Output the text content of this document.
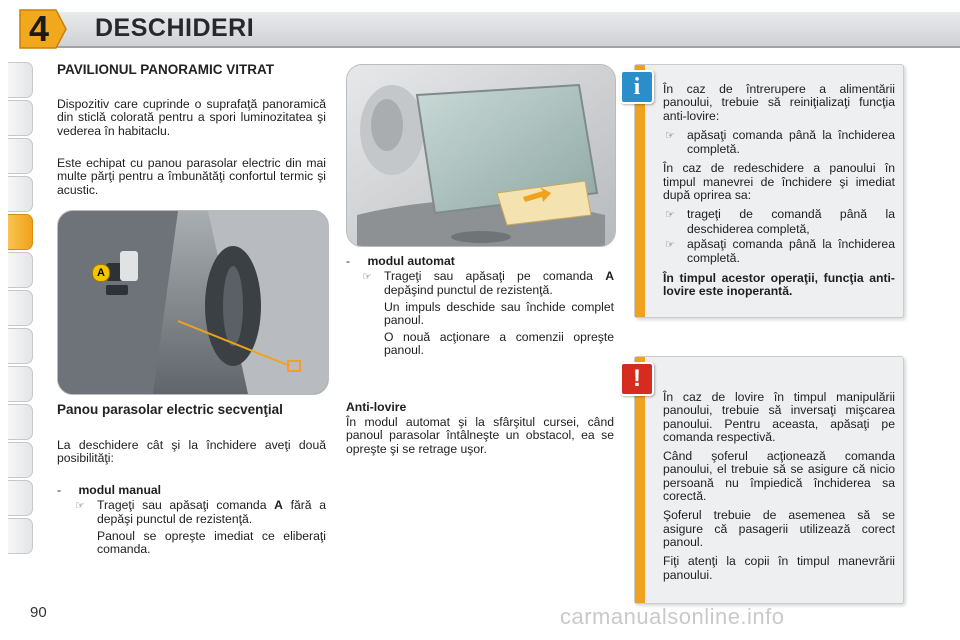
4	DESCHIDERI
PAVILIONUL PANORAMIC VITRAT
Dispozitiv care cuprinde o suprafaţă panoramică din sticlă colorată pentru a spori luminozitatea şi vederea în habitaclu.
Este echipat cu panou parasolar electric din mai multe părţi pentru a îmbunătăţi confortul termic şi acustic.
A
Panou parasolar electric secvenţial
La deschidere cât şi la închidere aveţi două posibilităţi:
- modul manual
☞ Trageţi sau apăsaţi comanda A fără a depăşi punctul de rezistenţă.
Panoul se opreşte imediat ce eliberaţi comanda.
- modul automat
☞ Trageţi sau apăsaţi pe comanda A depăşind punctul de rezistenţă.
Un impuls deschide sau închide complet panoul.
O nouă acţionare a comenzii opreşte panoul.
Anti-lovire
În modul automat şi la sfârşitul cursei, când panoul parasolar întâlneşte un obstacol, ea se opreşte şi se retrage uşor.

În caz de întrerupere a alimentării panoului, trebuie să reiniţializaţi funcţia anti-lovire:

☞ apăsaţi comanda până la închiderea completă.

În caz de redeschidere a panoului în timpul manevrei de închidere şi imediat după oprirea sa:

☞ trageţi de comandă până la deschiderea completă,

☞ apăsaţi comanda până la închiderea completă.

În timpul acestor operaţii, funcţia anti-lovire este inoperantă.

i

În caz de lovire în timpul manipulării panoului, trebuie să inversaţi mişcarea panoului. Pentru aceasta, apăsaţi pe comanda respectivă.

Când şoferul acţionează comanda panoului, el trebuie să se asigure că nicio persoană nu împiedică închiderea sa corectă.

Şoferul trebuie de asemenea să se asigure că pasagerii utilizează corect panoul.

Fiţi atenţi la copii în timpul manevrării panoului.

!
90	carmanualsonline.info
